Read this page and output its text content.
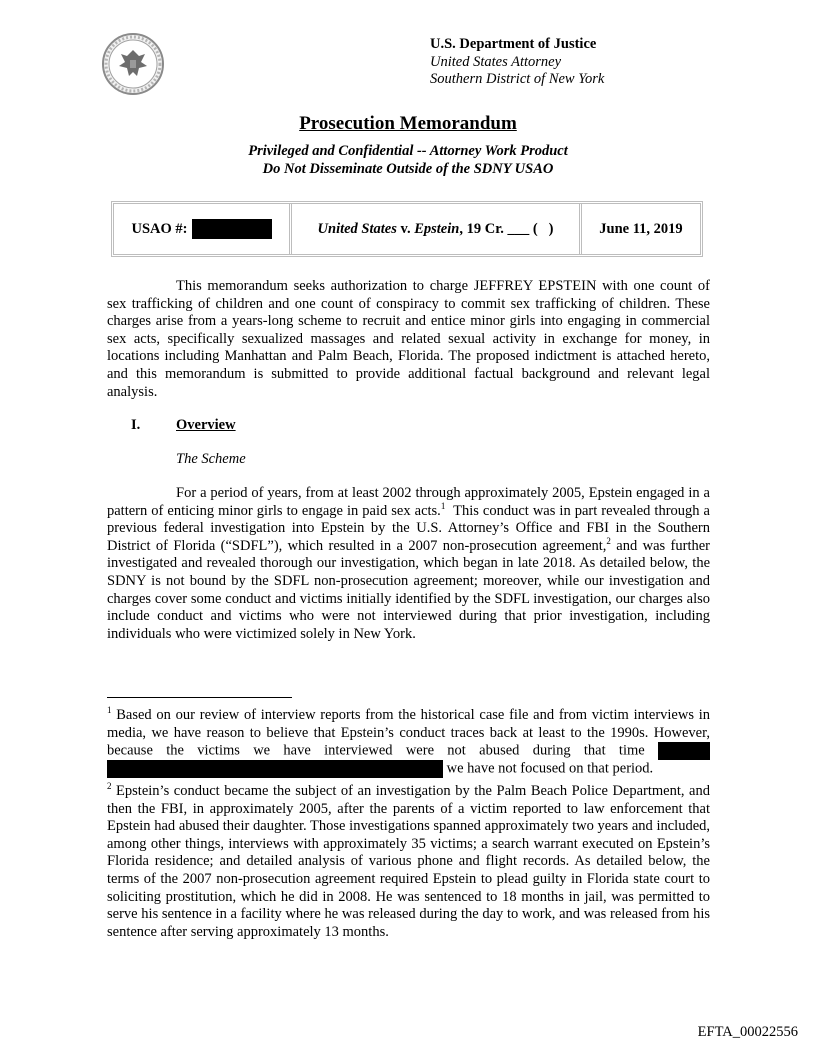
U.S. Department of Justice
United States Attorney
Southern District of New York
Prosecution Memorandum
Privileged and Confidential -- Attorney Work Product
Do Not Disseminate Outside of the SDNY USAO
USAO #:	United States v. Epstein , 19 Cr. ___ (   )	June 11, 2019
This memorandum seeks authorization to charge JEFFREY EPSTEIN with one count of sex trafficking of children and one count of conspiracy to commit sex trafficking of children. These charges arise from a years-long scheme to recruit and entice minor girls into engaging in commercial sex acts, specifically sexualized massages and related sexual activity in exchange for money, in locations including Manhattan and Palm Beach, Florida. The proposed indictment is attached hereto, and this memorandum is submitted to provide additional factual background and relevant legal analysis.
I. Overview
The Scheme
For a period of years, from at least 2002 through approximately 2005, Epstein engaged in a pattern of enticing minor girls to engage in paid sex acts.$^1$  This conduct was in part revealed through a previous federal investigation into Epstein by the U.S. Attorney’s Office and FBI in the Southern District of Florida (“SDFL”), which resulted in a 2007 non-prosecution agreement,$^2$ and was further investigated and revealed thorough our investigation, which began in late 2018. As detailed below, the SDNY is not bound by the SDFL non-prosecution agreement; moreover, while our investigation and charges cover some conduct and victims initially identified by the SDFL investigation, our charges also include conduct and victims who were not interviewed during that prior investigation, including individuals who were victimized solely in New York.
$^1$ Based on our review of interview reports from the historical case file and from victim interviews in media, we have reason to believe that Epstein’s conduct traces back at least to the 1990s. However, because the victims we have interviewed were not abused during that time   we have not focused on that period.
$^2$ Epstein’s conduct became the subject of an investigation by the Palm Beach Police Department, and then the FBI, in approximately 2005, after the parents of a victim reported to law enforcement that Epstein had abused their daughter. Those investigations spanned approximately two years and included, among other things, interviews with approximately 35 victims; a search warrant executed on Epstein’s Florida residence; and detailed analysis of various phone and flight records. As detailed below, the terms of the 2007 non-prosecution agreement required Epstein to plead guilty in Florida state court to soliciting prostitution, which he did in 2008. He was sentenced to 18 months in jail, was permitted to serve his sentence in a facility where he was released during the day to work, and was released from his sentence after serving approximately 13 months.
EFTA_00022556
